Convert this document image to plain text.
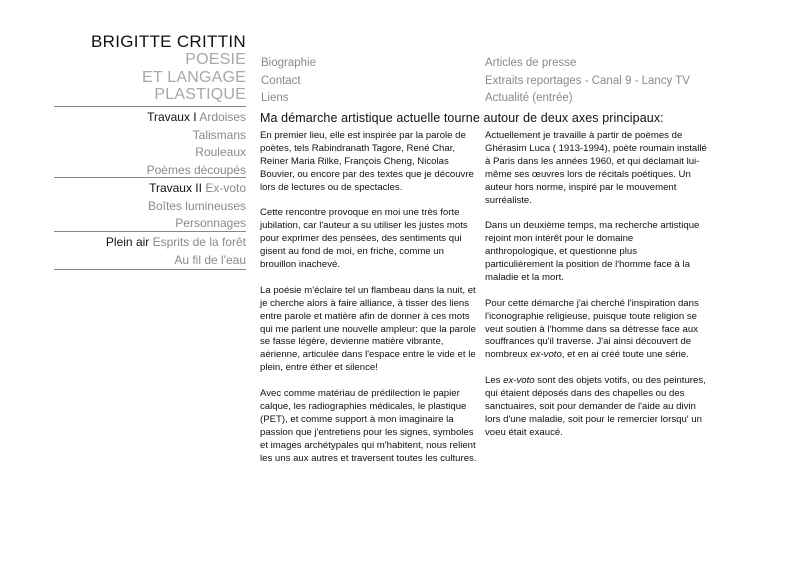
BRIGITTE CRITTIN
POESIE
ET LANGAGE
PLASTIQUE
Biographie
Contact
Liens
Articles de presse
Extraits reportages - Canal 9 - Lancy TV
Actualité (entrée)
Travaux I Ardoises
Talismans
Rouleaux
Poèmes découpés
Travaux II Ex-voto
Boîtes lumineuses
Personnages
Plein air Esprits de la forêt
Au fil de l'eau
Ma démarche artistique actuelle tourne autour de deux axes principaux:

En premier lieu, elle est inspirée par la parole de poètes, tels Rabindranath Tagore, René Char, Reiner Maria Rilke, François Cheng, Nicolas Bouvier, ou encore par des textes que je découvre lors de lectures ou de spectacles.

Cette rencontre provoque en moi une très forte jubilation, car l'auteur a su utiliser les justes mots pour exprimer des pensées, des sentiments qui gisent au fond de moi, en friche, comme un brouillon inachevé.

La poésie m'éclaire tel un flambeau dans la nuit, et je cherche alors à faire alliance, à tisser des liens entre parole et matière afin de donner à ces mots qui me parlent une nouvelle ampleur: que la parole se fasse légère, devienne matière vibrante, aérienne, articulée dans l'espace entre le vide et le plein, entre éther et silence!

Avec comme matériau de prédilection le papier calque, les radiographies médicales, le plastique (PET), et comme support à mon imaginaire la passion que j'entretiens pour les signes, symboles et images archétypales qui m'habitent, nous relient les uns aux autres et traversent toutes les cultures.

Actuellement je travaille à partir de poèmes de Ghérasim Luca ( 1913-1994), poète roumain installé à Paris dans les années 1960, et qui déclamait lui-même ses œuvres lors de récitals poétiques. Un auteur hors norme, inspiré par le mouvement surréaliste.

Dans un deuxième temps, ma recherche artistique rejoint mon intérêt pour le domaine anthropologique, et questionne plus particulièrement la position de l'homme face à la maladie et la mort.

Pour cette démarche j'ai cherché l'inspiration dans l'iconographie religieuse, puisque toute religion se veut soutien à l'homme dans sa détresse face aux souffrances qu'il traverse. J'ai ainsi découvert de nombreux ex-voto, et en ai créé toute une série.

Les ex-voto sont des objets votifs, ou des peintures, qui étaient déposés dans des chapelles ou des sanctuaires, soit pour demander de l'aide au divin lors d'une maladie, soit pour le remercier lorsqu' un voeu était exaucé.
